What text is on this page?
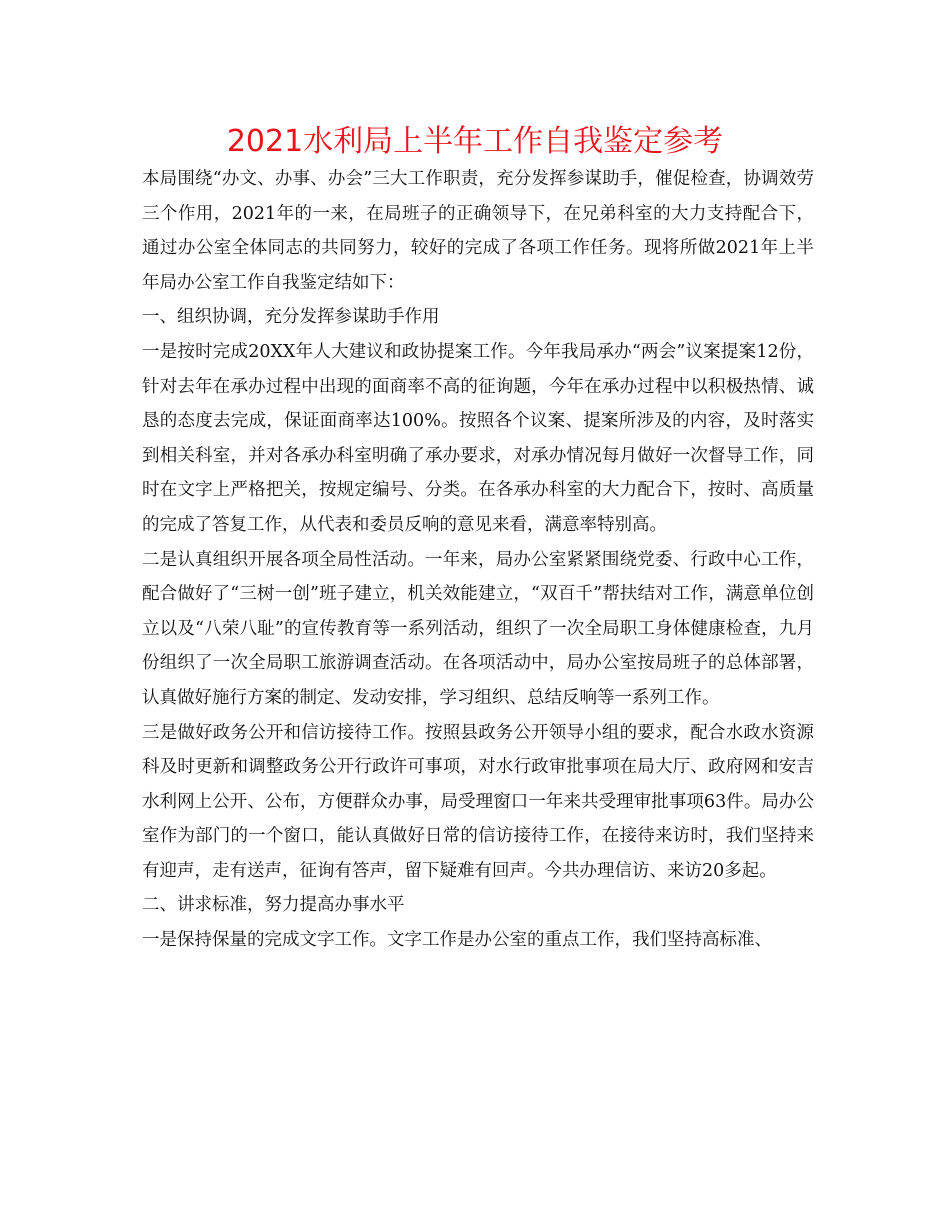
2021水利局上半年工作自我鉴定参考

本局围绕“办文、办事、办会”三大工作职责，充分发挥参谋助手，催促检查，协调效劳三个作用，2021年的一来，在局班子的正确领导下，在兄弟科室的大力支持配合下，通过办公室全体同志的共同努力，较好的完成了各项工作任务。现将所做2021年上半年局办公室工作自我鉴定结如下：

一、组织协调，充分发挥参谋助手作用

一是按时完成20XX年人大建议和政协提案工作。今年我局承办“两会”议案提案12份，针对去年在承办过程中出现的面商率不高的征询题，今年在承办过程中以积极热情、诚恳的态度去完成，保证面商率达100%。按照各个议案、提案所涉及的内容，及时落实到相关科室，并对各承办科室明确了承办要求，对承办情况每月做好一次督导工作，同时在文字上严格把关，按规定编号、分类。在各承办科室的大力配合下，按时、高质量的完成了答复工作，从代表和委员反响的意见来看，满意率特别高。

二是认真组织开展各项全局性活动。一年来，局办公室紧紧围绕党委、行政中心工作，配合做好了“三树一创”班子建立，机关效能建立，“双百千”帮扶结对工作，满意单位创立以及“八荣八耻”的宣传教育等一系列活动，组织了一次全局职工身体健康检查，九月份组织了一次全局职工旅游调查活动。在各项活动中，局办公室按局班子的总体部署，认真做好施行方案的制定、发动安排，学习组织、总结反响等一系列工作。

三是做好政务公开和信访接待工作。按照县政务公开领导小组的要求，配合水政水资源科及时更新和调整政务公开行政许可事项，对水行政审批事项在局大厅、政府网和安吉水利网上公开、公布，方便群众办事，局受理窗口一年来共受理审批事项63件。局办公室作为部门的一个窗口，能认真做好日常的信访接待工作，在接待来访时，我们坚持来有迎声，走有送声，征询有答声，留下疑难有回声。今共办理信访、来访20多起。

二、讲求标准，努力提高办事水平

一是保持保量的完成文字工作。文字工作是办公室的重点工作，我们坚持高标准、
